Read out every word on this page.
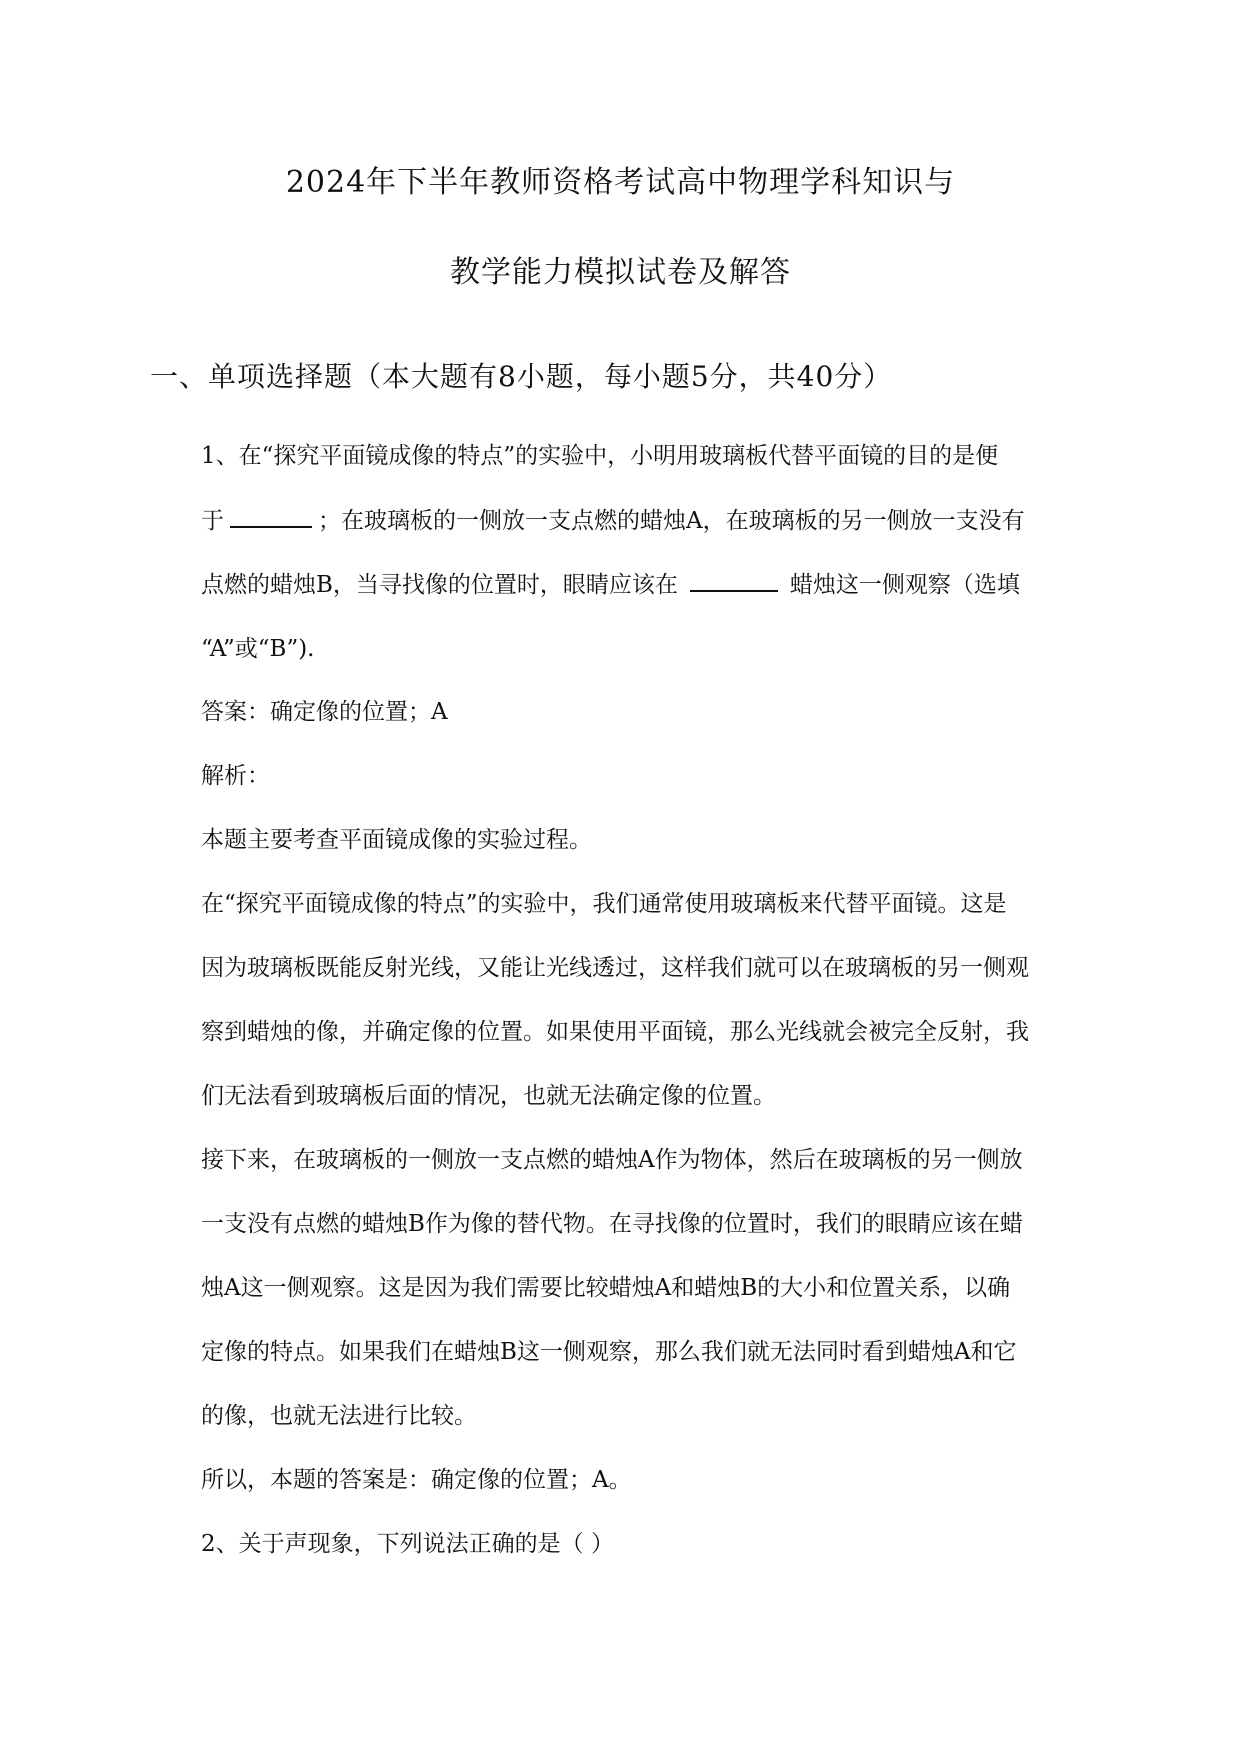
2024年下半年教师资格考试高中物理学科知识与
教学能力模拟试卷及解答
一、单项选择题（本大题有8小题，每小题5分，共40分）
1、在“探究平面镜成像的特点”的实验中，小明用玻璃板代替平面镜的目的是便
于	；在玻璃板的一侧放一支点燃的蜡烛A，在玻璃板的另一侧放一支没有
点燃的蜡烛B，当寻找像的位置时，眼睛应该在	蜡烛这一侧观察（选填
“A”或“B”).
答案：确定像的位置；A
解析：
本题主要考查平面镜成像的实验过程。
在“探究平面镜成像的特点”的实验中，我们通常使用玻璃板来代替平面镜。这是
因为玻璃板既能反射光线，又能让光线透过，这样我们就可以在玻璃板的另一侧观
察到蜡烛的像，并确定像的位置。如果使用平面镜，那么光线就会被完全反射，我
们无法看到玻璃板后面的情况，也就无法确定像的位置。
接下来，在玻璃板的一侧放一支点燃的蜡烛A作为物体，然后在玻璃板的另一侧放
一支没有点燃的蜡烛B作为像的替代物。在寻找像的位置时，我们的眼睛应该在蜡
烛A这一侧观察。这是因为我们需要比较蜡烛A和蜡烛B的大小和位置关系，以确
定像的特点。如果我们在蜡烛B这一侧观察，那么我们就无法同时看到蜡烛A和它
的像，也就无法进行比较。
所以，本题的答案是：确定像的位置；A。
2、关于声现象，下列说法正确的是（ ）
